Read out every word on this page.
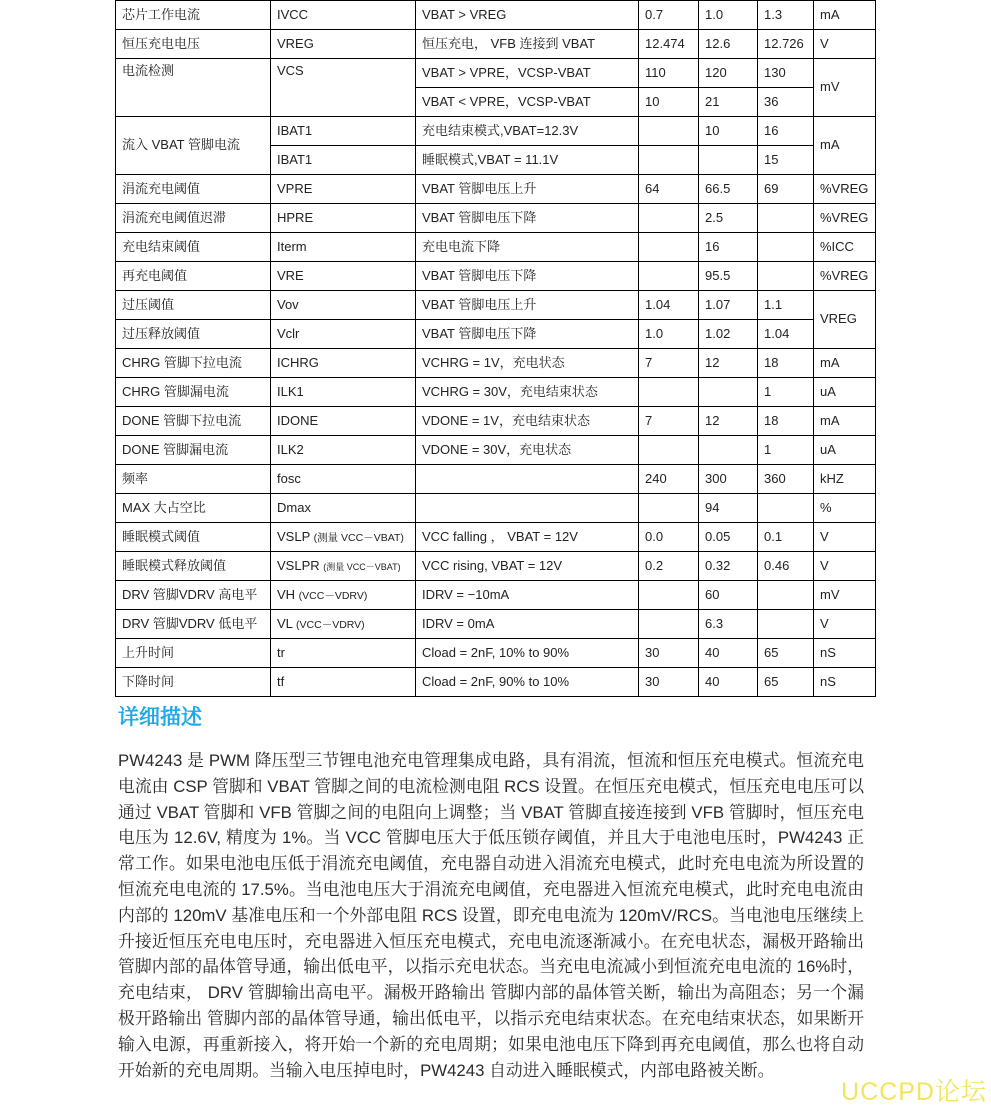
芯片工作电流	IVCC	VBAT > VREG	0.7	1.0	1.3	mA
恒压充电电压	VREG	恒压充电， VFB 连接到 VBAT	12.474	12.6	12.726	V
电流检测	VCS	VBAT > VPRE，VCSP-VBAT	110	120	130	mV
		VBAT < VPRE，VCSP-VBAT	10	21	36	
流入 VBAT 管脚电流	IBAT1	充电结束模式,VBAT=12.3V		10	16	mA
	IBAT1	睡眠模式,VBAT = 11.1V			15	
涓流充电阈值	VPRE	VBAT 管脚电压上升	64	66.5	69	%VREG
涓流充电阈值迟滞	HPRE	VBAT 管脚电压下降		2.5		%VREG
充电结束阈值	Iterm	充电电流下降		16		%ICC
再充电阈值	VRE	VBAT 管脚电压下降		95.5		%VREG
过压阈值	Vov	VBAT 管脚电压上升	1.04	1.07	1.1	VREG
过压释放阈值	Vclr	VBAT 管脚电压下降	1.0	1.02	1.04	
CHRG 管脚下拉电流	ICHRG	VCHRG = 1V，充电状态	7	12	18	mA
CHRG 管脚漏电流	ILK1	VCHRG = 30V，充电结束状态			1	uA
DONE 管脚下拉电流	IDONE	VDONE = 1V，充电结束状态	7	12	18	mA
DONE 管脚漏电流	ILK2	VDONE = 30V，充电状态			1	uA
频率	fosc		240	300	360	kHZ
MAX 大占空比	Dmax			94		%
睡眠模式阈值	VSLP (测量 VCC－VBAT)	VCC falling ， VBAT = 12V	0.0	0.05	0.1	V
睡眠模式释放阈值	VSLPR (测量 VCC－VBAT)	VCC rising, VBAT = 12V	0.2	0.32	0.46	V
DRV 管脚VDRV 高电平	VH (VCC－VDRV)	IDRV = −10mA		60		mV
DRV 管脚VDRV 低电平	VL (VCC－VDRV)	IDRV = 0mA		6.3		V
上升时间	tr	Cload = 2nF, 10% to 90%	30	40	65	nS
下降时间	tf	Cload = 2nF, 90% to 10%	30	40	65	nS
详细描述
PW4243 是 PWM 降压型三节锂电池充电管理集成电路，具有涓流，恒流和恒压充电模式。恒流充电电流由 CSP 管脚和 VBAT 管脚之间的电流检测电阻 RCS 设置。在恒压充电模式，恒压充电电压可以通过 VBAT 管脚和 VFB 管脚之间的电阻向上调整；当 VBAT 管脚直接连接到 VFB 管脚时，恒压充电电压为 12.6V, 精度为 1%。当 VCC 管脚电压大于低压锁存阈值，并且大于电池电压时，PW4243 正常工作。如果电池电压低于涓流充电阈值，充电器自动进入涓流充电模式，此时充电电流为所设置的恒流充电电流的 17.5%。当电池电压大于涓流充电阈值，充电器进入恒流充电模式，此时充电电流由内部的 120mV 基准电压和一个外部电阻 RCS 设置，即充电电流为 120mV/RCS。当电池电压继续上升接近恒压充电电压时，充电器进入恒压充电模式，充电电流逐渐减小。在充电状态，漏极开路输出 管脚内部的晶体管导通，输出低电平，以指示充电状态。当充电电流减小到恒流充电电流的 16%时，充电结束， DRV 管脚输出高电平。漏极开路输出 管脚内部的晶体管关断，输出为高阻态；另一个漏极开路输出 管脚内部的晶体管导通，输出低电平，以指示充电结束状态。在充电结束状态，如果断开输入电源，再重新接入，将开始一个新的充电周期；如果电池电压下降到再充电阈值，那么也将自动开始新的充电周期。当输入电压掉电时，PW4243 自动进入睡眠模式，内部电路被关断。
UCCPD论坛
